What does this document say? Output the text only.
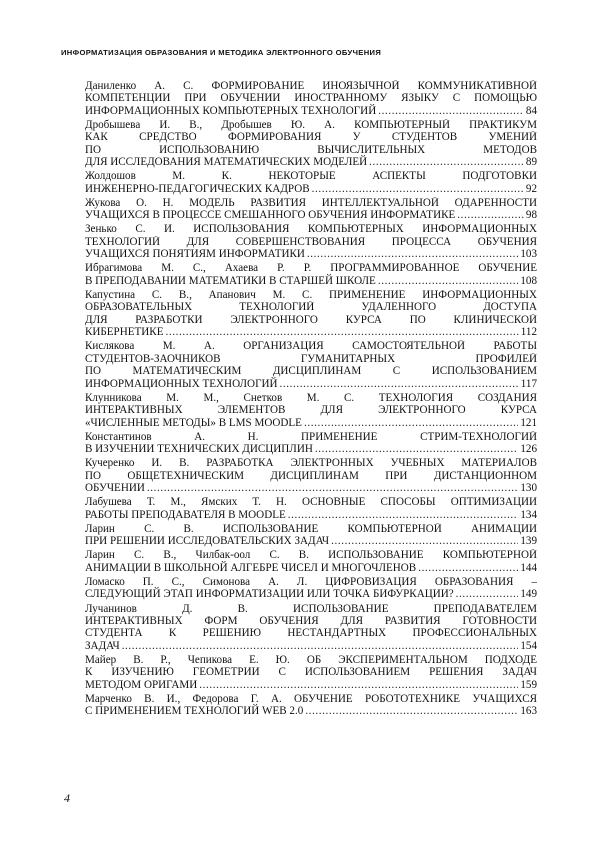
ИНФОРМАТИЗАЦИЯ ОБРАЗОВАНИЯ И МЕТОДИКА ЭЛЕКТРОННОГО ОБУЧЕНИЯ
Даниленко А. С. ФОРМИРОВАНИЕ ИНОЯЗЫЧНОЙ КОММУНИКАТИВНОЙ
КОМПЕТЕНЦИИ ПРИ ОБУЧЕНИИ ИНОСТРАННОМУ ЯЗЫКУ С ПОМОЩЬЮ
ИНФОРМАЦИОННЫХ КОМПЬЮТЕРНЫХ ТЕХНОЛОГИЙ .....	84
Дробышева И. В., Дробышев Ю. А. КОМПЬЮТЕРНЫЙ ПРАКТИКУМ
КАК СРЕДСТВО ФОРМИРОВАНИЯ У СТУДЕНТОВ УМЕНИЙ
ПО ИСПОЛЬЗОВАНИЮ ВЫЧИСЛИТЕЛЬНЫХ МЕТОДОВ
ДЛЯ ИССЛЕДОВАНИЯ МАТЕМАТИЧЕСКИХ МОДЕЛЕЙ .....	89
Жолдошов М. К. НЕКОТОРЫЕ АСПЕКТЫ ПОДГОТОВКИ
ИНЖЕНЕРНО-ПЕДАГОГИЧЕСКИХ КАДРОВ .....	92
Жукова О. Н. МОДЕЛЬ РАЗВИТИЯ ИНТЕЛЛЕКТУАЛЬНОЙ ОДАРЕННОСТИ
УЧАЩИХСЯ В ПРОЦЕССЕ СМЕШАННОГО ОБУЧЕНИЯ ИНФОРМАТИКЕ .....	98
Зенько С. И. ИСПОЛЬЗОВАНИЯ КОМПЬЮТЕРНЫХ ИНФОРМАЦИОННЫХ
ТЕХНОЛОГИЙ ДЛЯ СОВЕРШЕНСТВОВАНИЯ ПРОЦЕССА ОБУЧЕНИЯ
УЧАЩИХСЯ ПОНЯТИЯМ ИНФОРМАТИКИ .....	103
Ибрагимова М. С., Ахаева Р. Р. ПРОГРАММИРОВАННОЕ ОБУЧЕНИЕ
В ПРЕПОДАВАНИИ МАТЕМАТИКИ В СТАРШЕЙ ШКОЛЕ .....	108
Капустина С. В., Апанович М. С. ПРИМЕНЕНИЕ ИНФОРМАЦИОННЫХ
ОБРАЗОВАТЕЛЬНЫХ ТЕХНОЛОГИЙ УДАЛЕННОГО ДОСТУПА
ДЛЯ РАЗРАБОТКИ ЭЛЕКТРОННОГО КУРСА ПО КЛИНИЧЕСКОЙ
КИБЕРНЕТИКЕ .....	112
Кислякова М. А. ОРГАНИЗАЦИЯ САМОСТОЯТЕЛЬНОЙ РАБОТЫ
СТУДЕНТОВ-ЗАОЧНИКОВ ГУМАНИТАРНЫХ ПРОФИЛЕЙ
ПО МАТЕМАТИЧЕСКИМ ДИСЦИПЛИНАМ С ИСПОЛЬЗОВАНИЕМ
ИНФОРМАЦИОННЫХ ТЕХНОЛОГИЙ .....	117
Клунникова М. М., Снетков М. С. ТЕХНОЛОГИЯ СОЗДАНИЯ
ИНТЕРАКТИВНЫХ ЭЛЕМЕНТОВ ДЛЯ ЭЛЕКТРОННОГО КУРСА
«ЧИСЛЕННЫЕ МЕТОДЫ» В LMS MOODLE .....	121
Константинов А. Н. ПРИМЕНЕНИЕ СТРИМ-ТЕХНОЛОГИЙ
В ИЗУЧЕНИИ ТЕХНИЧЕСКИХ ДИСЦИПЛИН .....	126
Кучеренко И. В. РАЗРАБОТКА ЭЛЕКТРОННЫХ УЧЕБНЫХ МАТЕРИАЛОВ
ПО ОБЩЕТЕХНИЧЕСКИМ ДИСЦИПЛИНАМ ПРИ ДИСТАНЦИОННОМ
ОБУЧЕНИИ .....	130
Лабушева Т. М., Ямских Т. Н. ОСНОВНЫЕ СПОСОБЫ ОПТИМИЗАЦИИ
РАБОТЫ ПРЕПОДАВАТЕЛЯ В MOODLE .....	134
Ларин С. В. ИСПОЛЬЗОВАНИЕ КОМПЬЮТЕРНОЙ АНИМАЦИИ
ПРИ РЕШЕНИИ ИССЛЕДОВАТЕЛЬСКИХ ЗАДАЧ .....	139
Ларин С. В., Чилбак-оол С. В. ИСПОЛЬЗОВАНИЕ КОМПЬЮТЕРНОЙ
АНИМАЦИИ В ШКОЛЬНОЙ АЛГЕБРЕ ЧИСЕЛ И МНОГОЧЛЕНОВ .....	144
Ломаско П. С., Симонова А. Л. ЦИФРОВИЗАЦИЯ ОБРАЗОВАНИЯ –
СЛЕДУЮЩИЙ ЭТАП ИНФОРМАТИЗАЦИИ ИЛИ ТОЧКА БИФУРКАЦИИ? .....	149
Лучанинов Д. В. ИСПОЛЬЗОВАНИЕ ПРЕПОДАВАТЕЛЕМ
ИНТЕРАКТИВНЫХ ФОРМ ОБУЧЕНИЯ ДЛЯ РАЗВИТИЯ ГОТОВНОСТИ
СТУДЕНТА К РЕШЕНИЮ НЕСТАНДАРТНЫХ ПРОФЕССИОНАЛЬНЫХ
ЗАДАЧ .....	154
Майер В. Р., Чепикова Е. Ю. ОБ ЭКСПЕРИМЕНТАЛЬНОМ ПОДХОДЕ
К ИЗУЧЕНИЮ ГЕОМЕТРИИ С ИСПОЛЬЗОВАНИЕМ РЕШЕНИЯ ЗАДАЧ
МЕТОДОМ ОРИГАМИ .....	159
Марченко В. И., Федорова Г. А. ОБУЧЕНИЕ РОБОТОТЕХНИКЕ УЧАЩИХСЯ
С ПРИМЕНЕНИЕМ ТЕХНОЛОГИЙ WEB 2.0 .....	163
4
